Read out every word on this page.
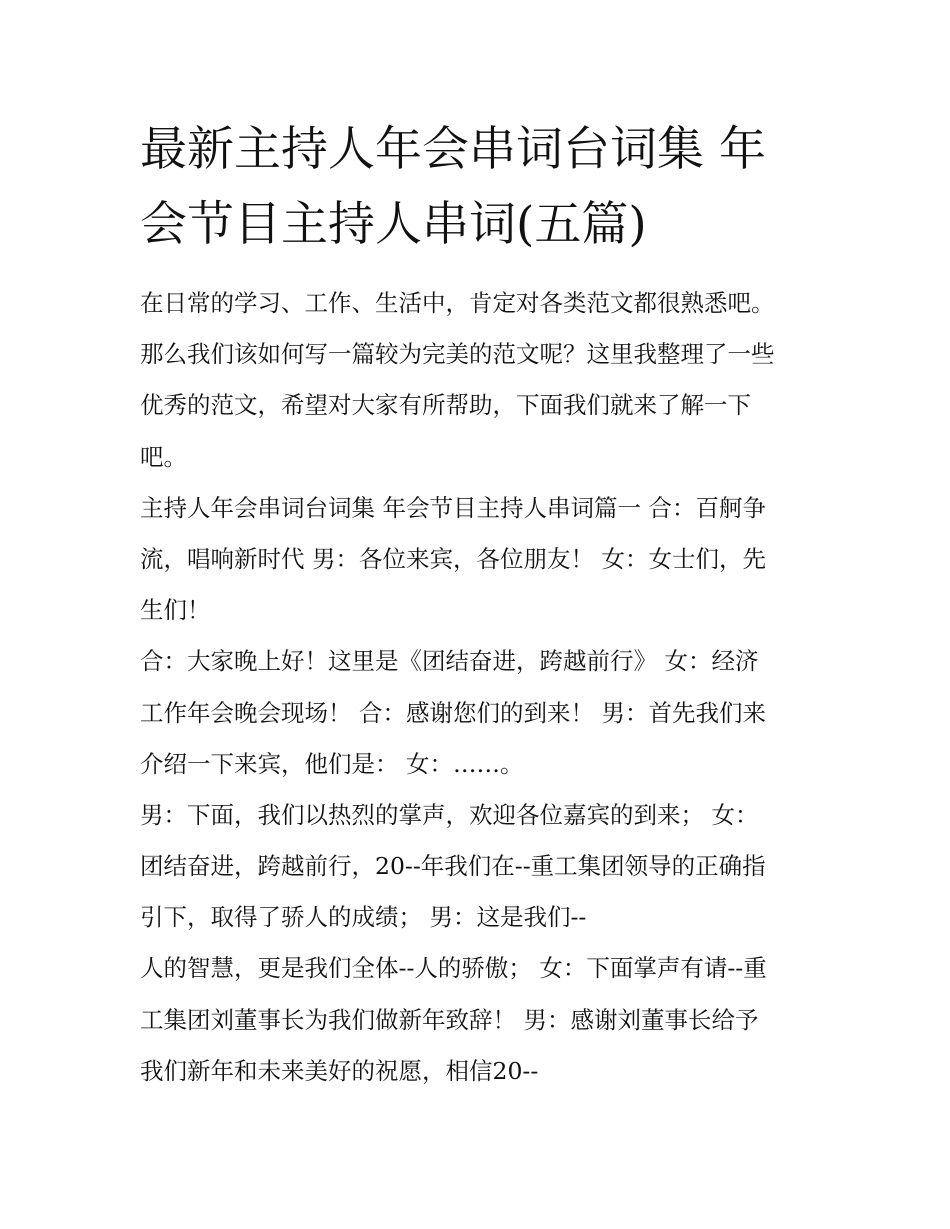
最新主持人年会串词台词集 年
会节目主持人串词(五篇)
在日常的学习、工作、生活中，肯定对各类范文都很熟悉吧。
那么我们该如何写一篇较为完美的范文呢？这里我整理了一些
优秀的范文，希望对大家有所帮助，下面我们就来了解一下
吧。
主持人年会串词台词集 年会节目主持人串词篇一 合：百舸争
流，唱响新时代 男：各位来宾，各位朋友！ 女：女士们，先
生们！
合：大家晚上好！这里是《团结奋进，跨越前行》 女：经济
工作年会晚会现场！ 合：感谢您们的到来！ 男：首先我们来
介绍一下来宾，他们是： 女：……。
男：下面，我们以热烈的掌声，欢迎各位嘉宾的到来； 女：
团结奋进，跨越前行，20--年我们在--重工集团领导的正确指
引下，取得了骄人的成绩； 男：这是我们--
人的智慧，更是我们全体--人的骄傲； 女：下面掌声有请--重
工集团刘董事长为我们做新年致辞！ 男：感谢刘董事长给予
我们新年和未来美好的祝愿，相信20--
